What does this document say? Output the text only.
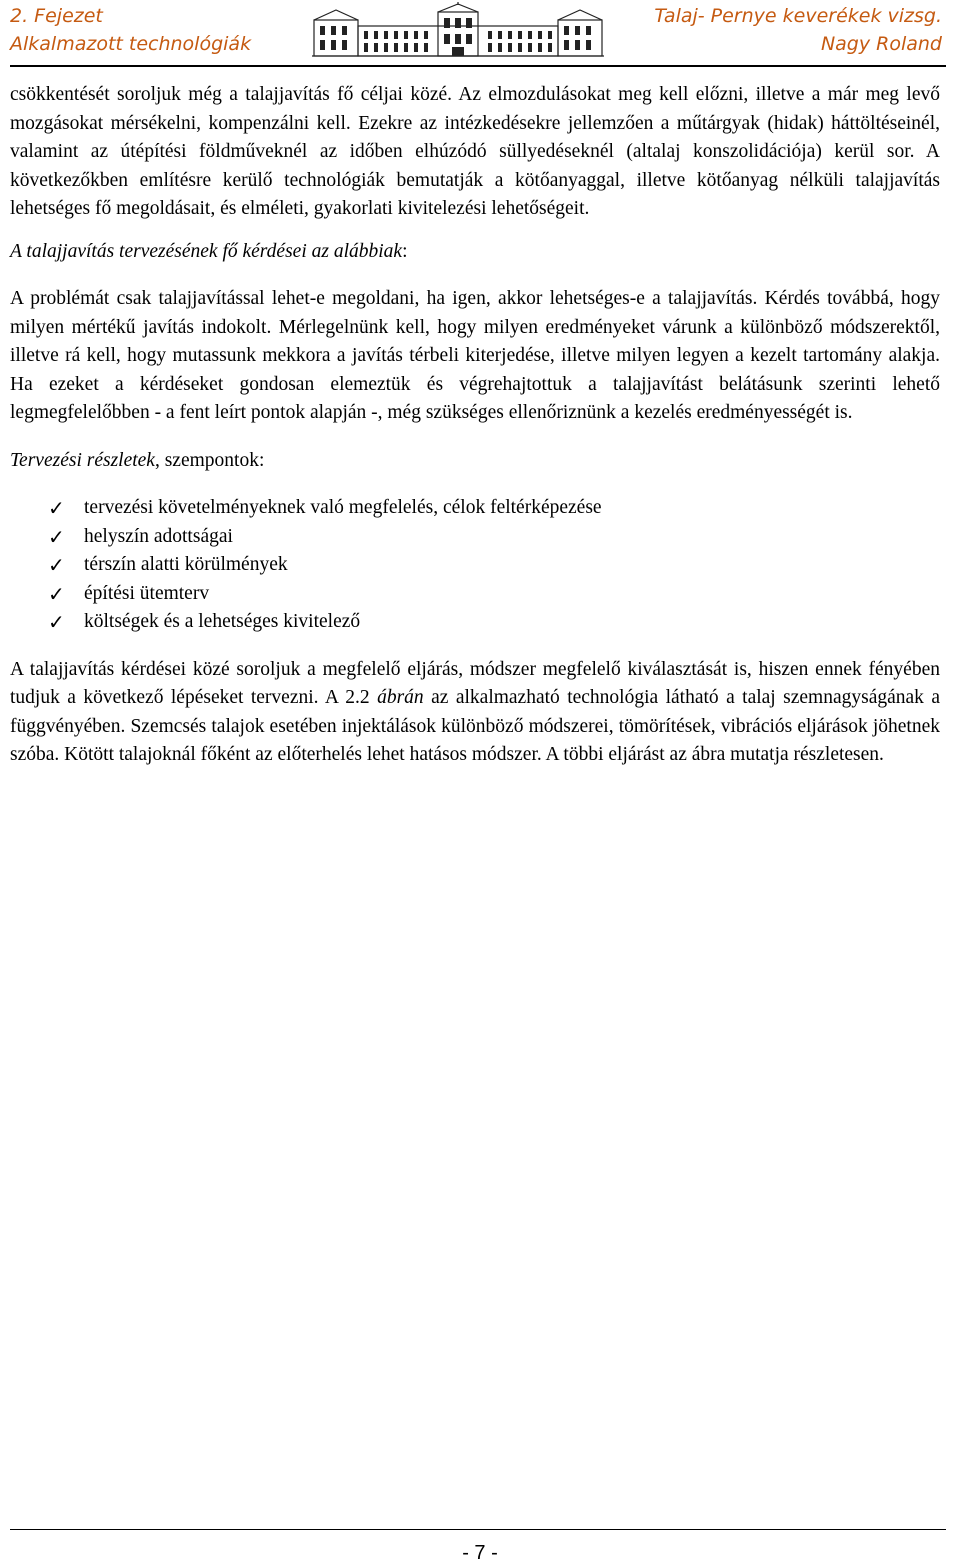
2. Fejezet
Alkalmazott technológiák
Talaj- Pernye keverékek vizsg.
Nagy Roland

csökkentését soroljuk még a talajjavítás fő céljai közé. Az elmozdulásokat meg kell előzni, illetve a már meg levő mozgásokat mérsékelni, kompenzálni kell. Ezekre az intézkedésekre jellemzően a műtárgyak (hidak) háttöltéseinél, valamint az útépítési földműveknél az időben elhúzódó süllyedéseknél (altalaj konszolidációja) kerül sor. A következőkben említésre kerülő technológiák bemutatják a kötőanyaggal, illetve kötőanyag nélküli talajjavítás lehetséges fő megoldásait, és elméleti, gyakorlati kivitelezési lehetőségeit.

A talajjavítás tervezésének fő kérdései az alábbiak:

A problémát csak talajjavítással lehet-e megoldani, ha igen, akkor lehetséges-e a talajjavítás. Kérdés továbbá, hogy milyen mértékű javítás indokolt. Mérlegelnünk kell, hogy milyen eredményeket várunk a különböző módszerektől, illetve rá kell, hogy mutassunk mekkora a javítás térbeli kiterjedése, illetve milyen legyen a kezelt tartomány alakja. Ha ezeket a kérdéseket gondosan elemeztük és végrehajtottuk a talajjavítást belátásunk szerinti lehető legmegfelelőbben - a fent leírt pontok alapján -, még szükséges ellenőriznünk a kezelés eredményességét is.

Tervezési részletek, szempontok:

✓ tervezési követelményeknek való megfelelés, célok feltérképezése
✓ helyszín adottságai
✓ térszín alatti körülmények
✓ építési ütemterv
✓ költségek és a lehetséges kivitelező

A talajjavítás kérdései közé soroljuk a megfelelő eljárás, módszer megfelelő kiválasztását is, hiszen ennek fényében tudjuk a következő lépéseket tervezni. A 2.2 ábrán az alkalmazható technológia látható a talaj szemnagyságának a függvényében. Szemcsés talajok esetében injektálások különböző módszerei, tömörítések, vibrációs eljárások jöhetnek szóba. Kötött talajoknál főként az előterhelés lehet hatásos módszer. A többi eljárást az ábra mutatja részletesen.

- 7 -
